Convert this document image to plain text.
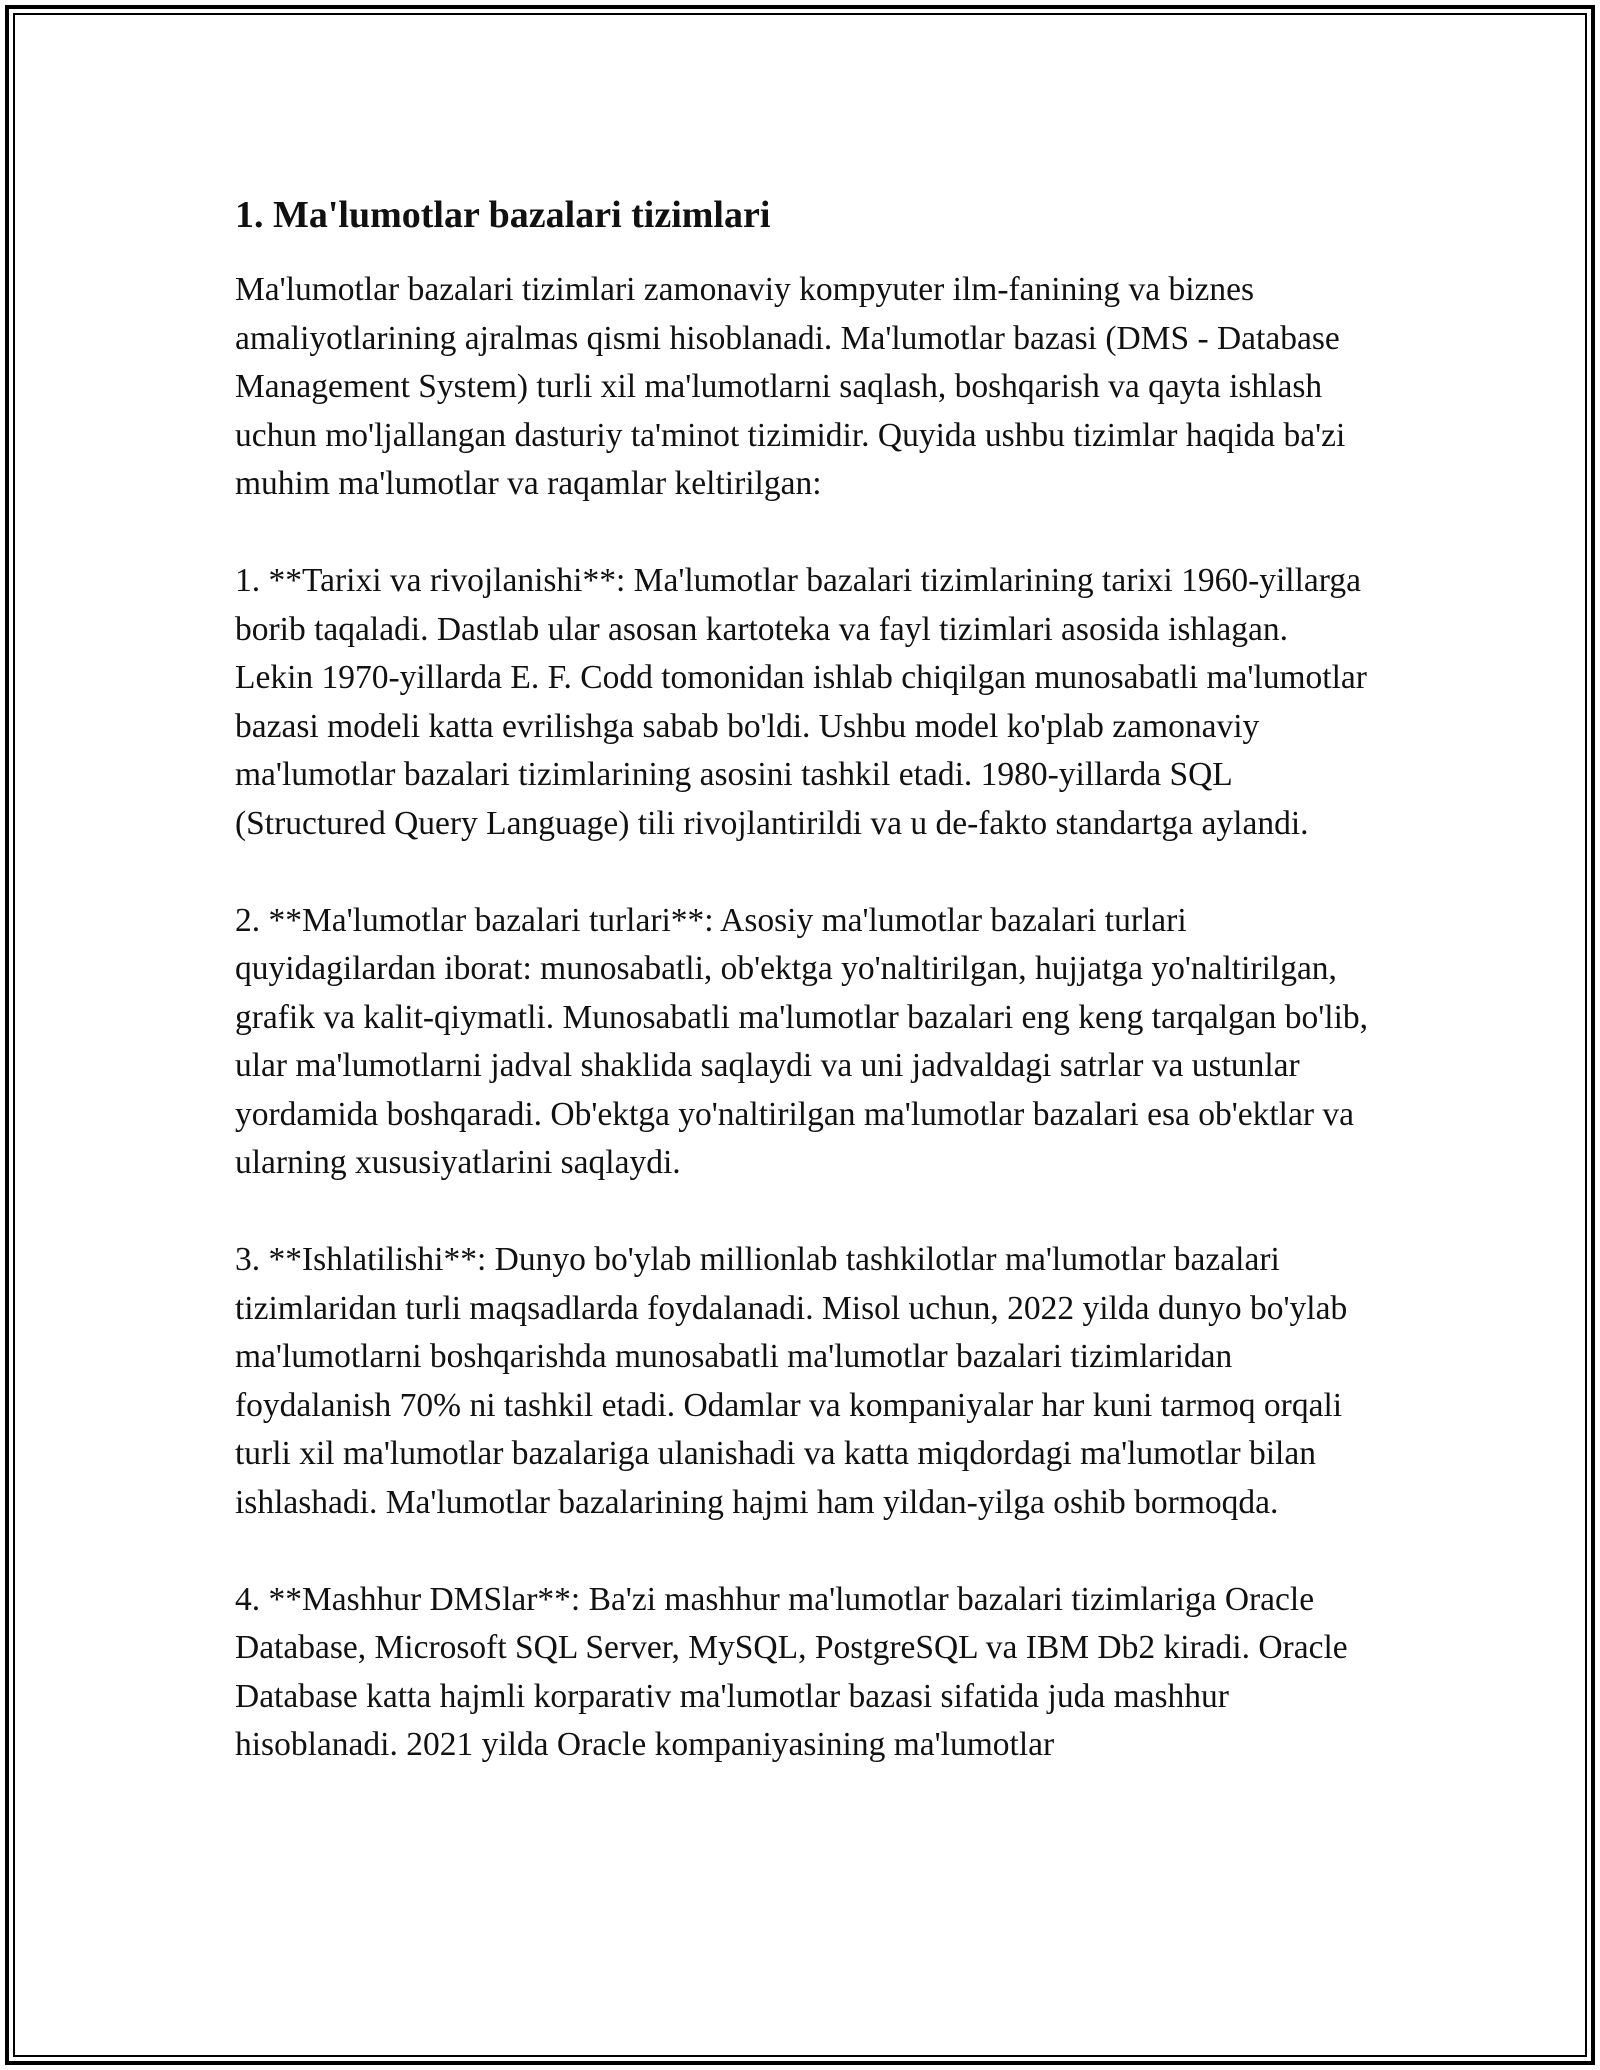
1. Ma'lumotlar bazalari tizimlari

Ma'lumotlar bazalari tizimlari zamonaviy kompyuter ilm-fanining va biznes amaliyotlarining ajralmas qismi hisoblanadi. Ma'lumotlar bazasi (DMS - Database Management System) turli xil ma'lumotlarni saqlash, boshqarish va qayta ishlash uchun mo'ljallangan dasturiy ta'minot tizimidir. Quyida ushbu tizimlar haqida ba'zi muhim ma'lumotlar va raqamlar keltirilgan:

1. **Tarixi va rivojlanishi**: Ma'lumotlar bazalari tizimlarining tarixi 1960-yillarga borib taqaladi. Dastlab ular asosan kartoteka va fayl tizimlari asosida ishlagan. Lekin 1970-yillarda E. F. Codd tomonidan ishlab chiqilgan munosabatli ma'lumotlar bazasi modeli katta evrilishga sabab bo'ldi. Ushbu model ko'plab zamonaviy ma'lumotlar bazalari tizimlarining asosini tashkil etadi. 1980-yillarda SQL (Structured Query Language) tili rivojlantirildi va u de-fakto standartga aylandi.

2. **Ma'lumotlar bazalari turlari**: Asosiy ma'lumotlar bazalari turlari quyidagilardan iborat: munosabatli, ob'ektga yo'naltirilgan, hujjatga yo'naltirilgan, grafik va kalit-qiymatli. Munosabatli ma'lumotlar bazalari eng keng tarqalgan bo'lib, ular ma'lumotlarni jadval shaklida saqlaydi va uni jadvaldagi satrlar va ustunlar yordamida boshqaradi. Ob'ektga yo'naltirilgan ma'lumotlar bazalari esa ob'ektlar va ularning xususiyatlarini saqlaydi.

3. **Ishlatilishi**: Dunyo bo'ylab millionlab tashkilotlar ma'lumotlar bazalari tizimlaridan turli maqsadlarda foydalanadi. Misol uchun, 2022 yilda dunyo bo'ylab ma'lumotlarni boshqarishda munosabatli ma'lumotlar bazalari tizimlaridan foydalanish 70% ni tashkil etadi. Odamlar va kompaniyalar har kuni tarmoq orqali turli xil ma'lumotlar bazalariga ulanishadi va katta miqdordagi ma'lumotlar bilan ishlashadi. Ma'lumotlar bazalarining hajmi ham yildan-yilga oshib bormoqda.

4. **Mashhur DMSlar**: Ba'zi mashhur ma'lumotlar bazalari tizimlariga Oracle Database, Microsoft SQL Server, MySQL, PostgreSQL va IBM Db2 kiradi. Oracle Database katta hajmli korparativ ma'lumotlar bazasi sifatida juda mashhur hisoblanadi. 2021 yilda Oracle kompaniyasining ma'lumotlar
